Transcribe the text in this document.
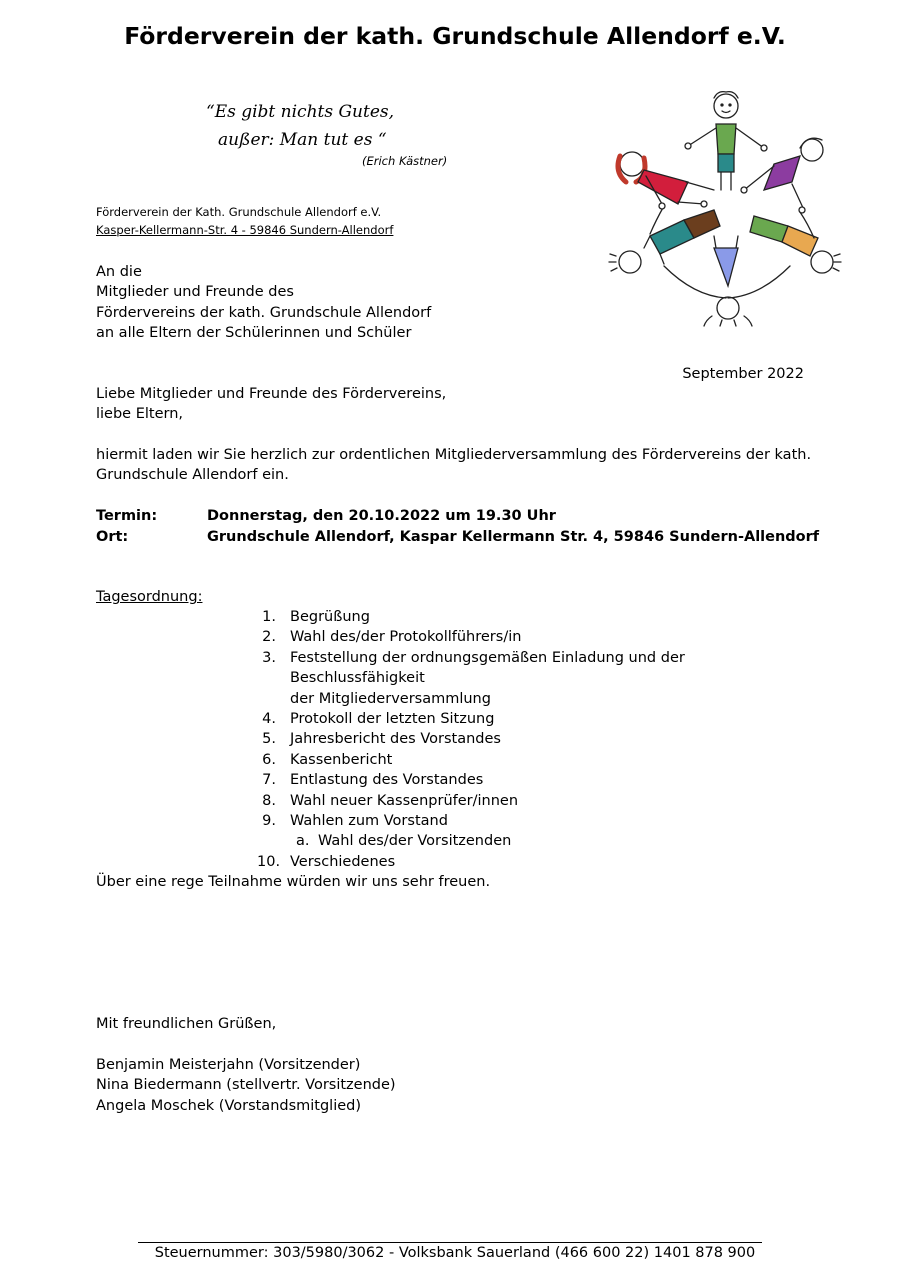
Förderverein der kath. Grundschule Allendorf e.V.
“Es gibt nichts Gutes,
außer: Man tut es “
(Erich Kästner)
Förderverein der Kath. Grundschule Allendorf e.V.
Kasper-Kellermann-Str. 4 - 59846 Sundern-Allendorf
An die
Mitglieder und Freunde des
Fördervereins der kath. Grundschule Allendorf
an alle Eltern der Schülerinnen und Schüler
September 2022
Liebe Mitglieder und Freunde des Fördervereins,
liebe Eltern,
hiermit laden wir Sie herzlich zur ordentlichen Mitgliederversammlung des Fördervereins der kath.
Grundschule Allendorf ein.
Termin:	Donnerstag, den 20.10.2022 um 19.30 Uhr
Ort:	Grundschule Allendorf, Kaspar Kellermann Str. 4, 59846 Sundern-Allendorf
Tagesordnung:
1. Begrüßung
2. Wahl des/der Protokollführers/in
3. Feststellung der ordnungsgemäßen Einladung und der Beschlussfähigkeit
der Mitgliederversammlung
4. Protokoll der letzten Sitzung
5. Jahresbericht des Vorstandes
6. Kassenbericht
7. Entlastung des Vorstandes
8. Wahl neuer Kassenprüfer/innen
9. Wahlen zum Vorstand
a. Wahl des/der Vorsitzenden
10. Verschiedenes
Über eine rege Teilnahme würden wir uns sehr freuen.
Mit freundlichen Grüßen,
Benjamin Meisterjahn (Vorsitzender)
Nina Biedermann (stellvertr. Vorsitzende)
Angela Moschek (Vorstandsmitglied)
Steuernummer: 303/5980/3062 - Volksbank Sauerland (466 600 22) 1401 878 900
